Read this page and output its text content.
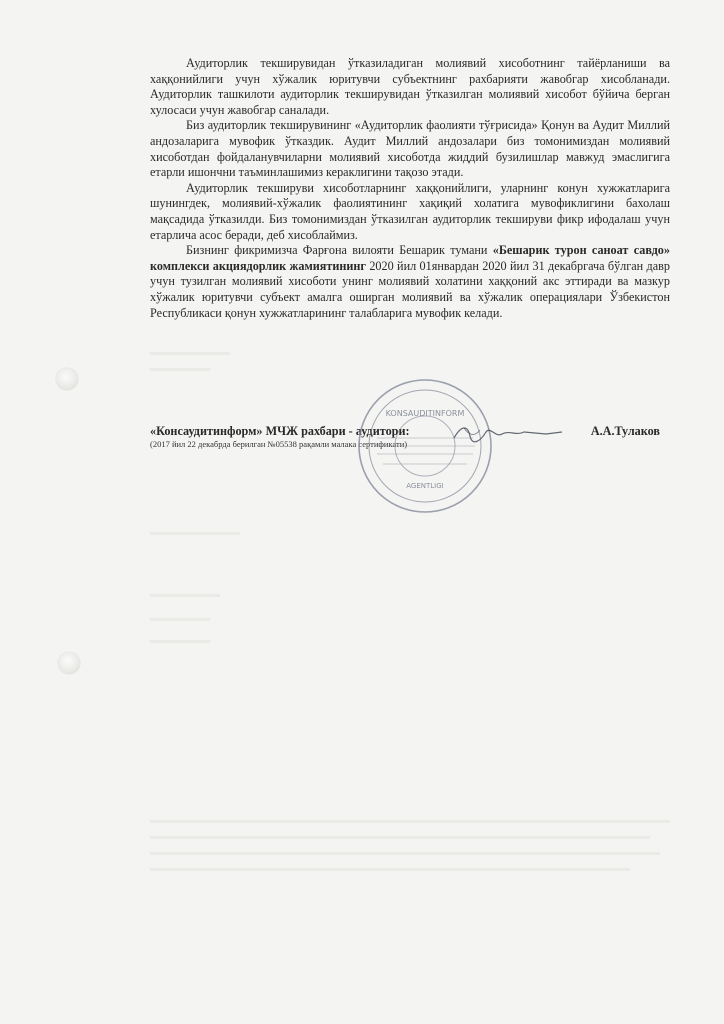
Аудиторлик текширувидан ўтказиладиган молиявий хисоботнинг тайёрланиши ва хаққонийлиги учун хўжалик юритувчи субъектнинг рахбарияти жавобгар хисобланади. Аудиторлик ташкилоти аудиторлик текширувидан ўтказилган молиявий хисобот бўйича берган хулосаси учун жавобгар саналади.

Биз аудиторлик текширувининг «Аудиторлик фаолияти тўғрисида» Қонун ва Аудит Миллий андозаларига мувофик ўтказдик. Аудит Миллий андозалари биз томонимиздан молиявий хисоботдан фойдаланувчиларни молиявий хисоботда жиддий бузилишлар мавжуд эмаслигига етарли ишончни таъминлашимиз кераклигини тақозо этади.

Аудиторлик текшируви хисоботларнинг хаққонийлиги, уларнинг конун хужжатларига шунингдек, молиявий-хўжалик фаолиятининг хақиқий холатига мувофиклигини бахолаш мақсадида ўтказилди. Биз томонимиздан ўтказилган аудиторлик текшируви фикр ифодалаш учун етарлича асос беради, деб хисоблаймиз.

Бизнинг фикримизча Фарғона вилояти Бешарик тумани «Бешарик турон саноат савдо» комплекси акциядорлик жамиятининг 2020 йил 01январдан 2020 йил 31 декабргача бўлган давр учун тузилган молиявий хисоботи унинг молиявий холатини хаққоний акс эттиради ва мазкур хўжалик юритувчи субъект амалга оширган молиявий ва хўжалик операциялари Ўзбекистон Республикаси қонун хужжатларининг талабларига мувофик келади.

«Консаудитинформ» МЧЖ рахбари - аудитори:	А.А.Тулаков
(2017 йил 22 декабрда берилган №05538 рақамли малака сертификати)
KONSAUDITINFORM
AGENTLIGI
